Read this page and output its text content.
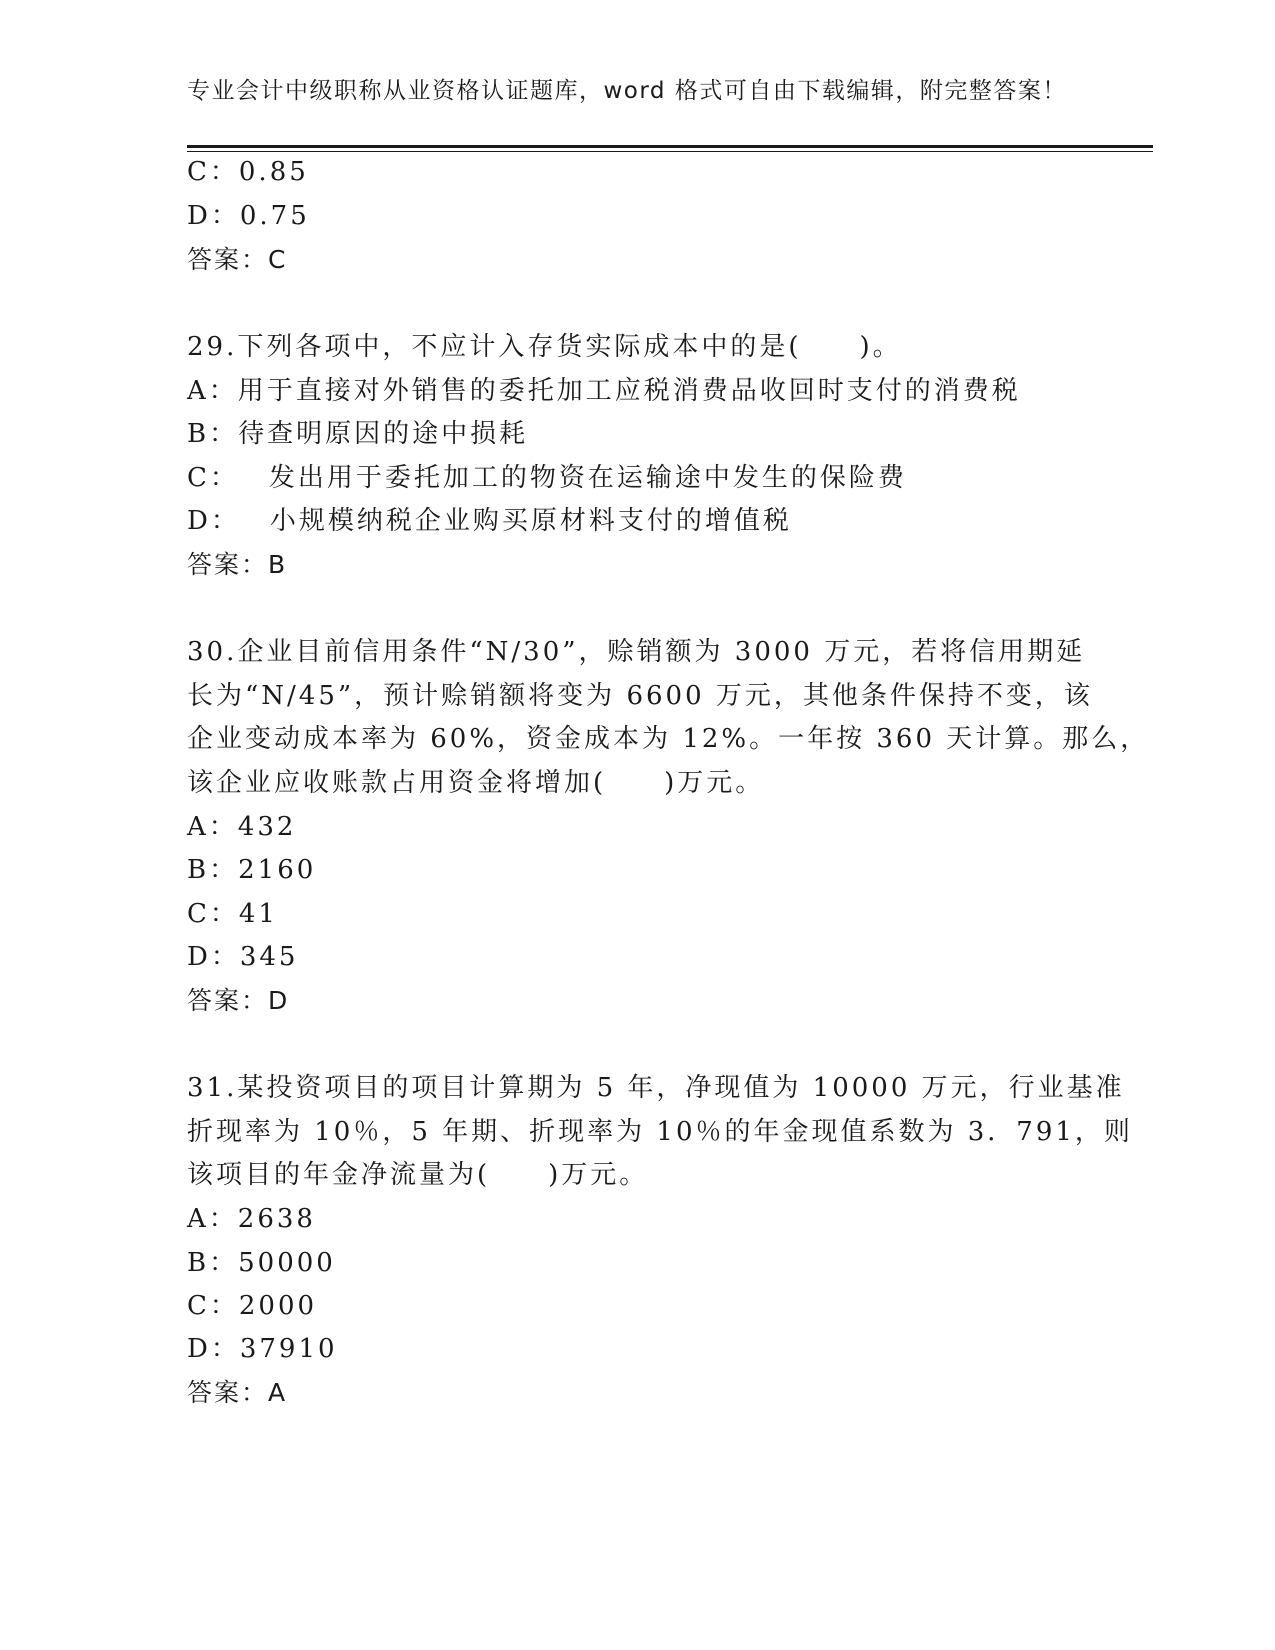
专业会计中级职称从业资格认证题库，word 格式可自由下载编辑，附完整答案！
C：0.85
D：0.75
答案：C
29.下列各项中，不应计入存货实际成本中的是(　　)。
A：用于直接对外销售的委托加工应税消费品收回时支付的消费税
B：待查明原因的途中损耗
C： 发出用于委托加工的物资在运输途中发生的保险费
D： 小规模纳税企业购买原材料支付的增值税
答案：B
30.企业目前信用条件“N/30”，赊销额为 3000 万元，若将信用期延
长为“N/45”，预计赊销额将变为 6600 万元，其他条件保持不变，该
企业变动成本率为 60%，资金成本为 12%。一年按 360 天计算。那么，
该企业应收账款占用资金将增加(　　)万元。
A：432
B：2160
C：41
D：345
答案：D
31.某投资项目的项目计算期为 5 年，净现值为 10000 万元，行业基准
折现率为 10％，5 年期、折现率为 10％的年金现值系数为 3．791，则
该项目的年金净流量为(　　)万元。
A：2638
B：50000
C：2000
D：37910
答案：A
